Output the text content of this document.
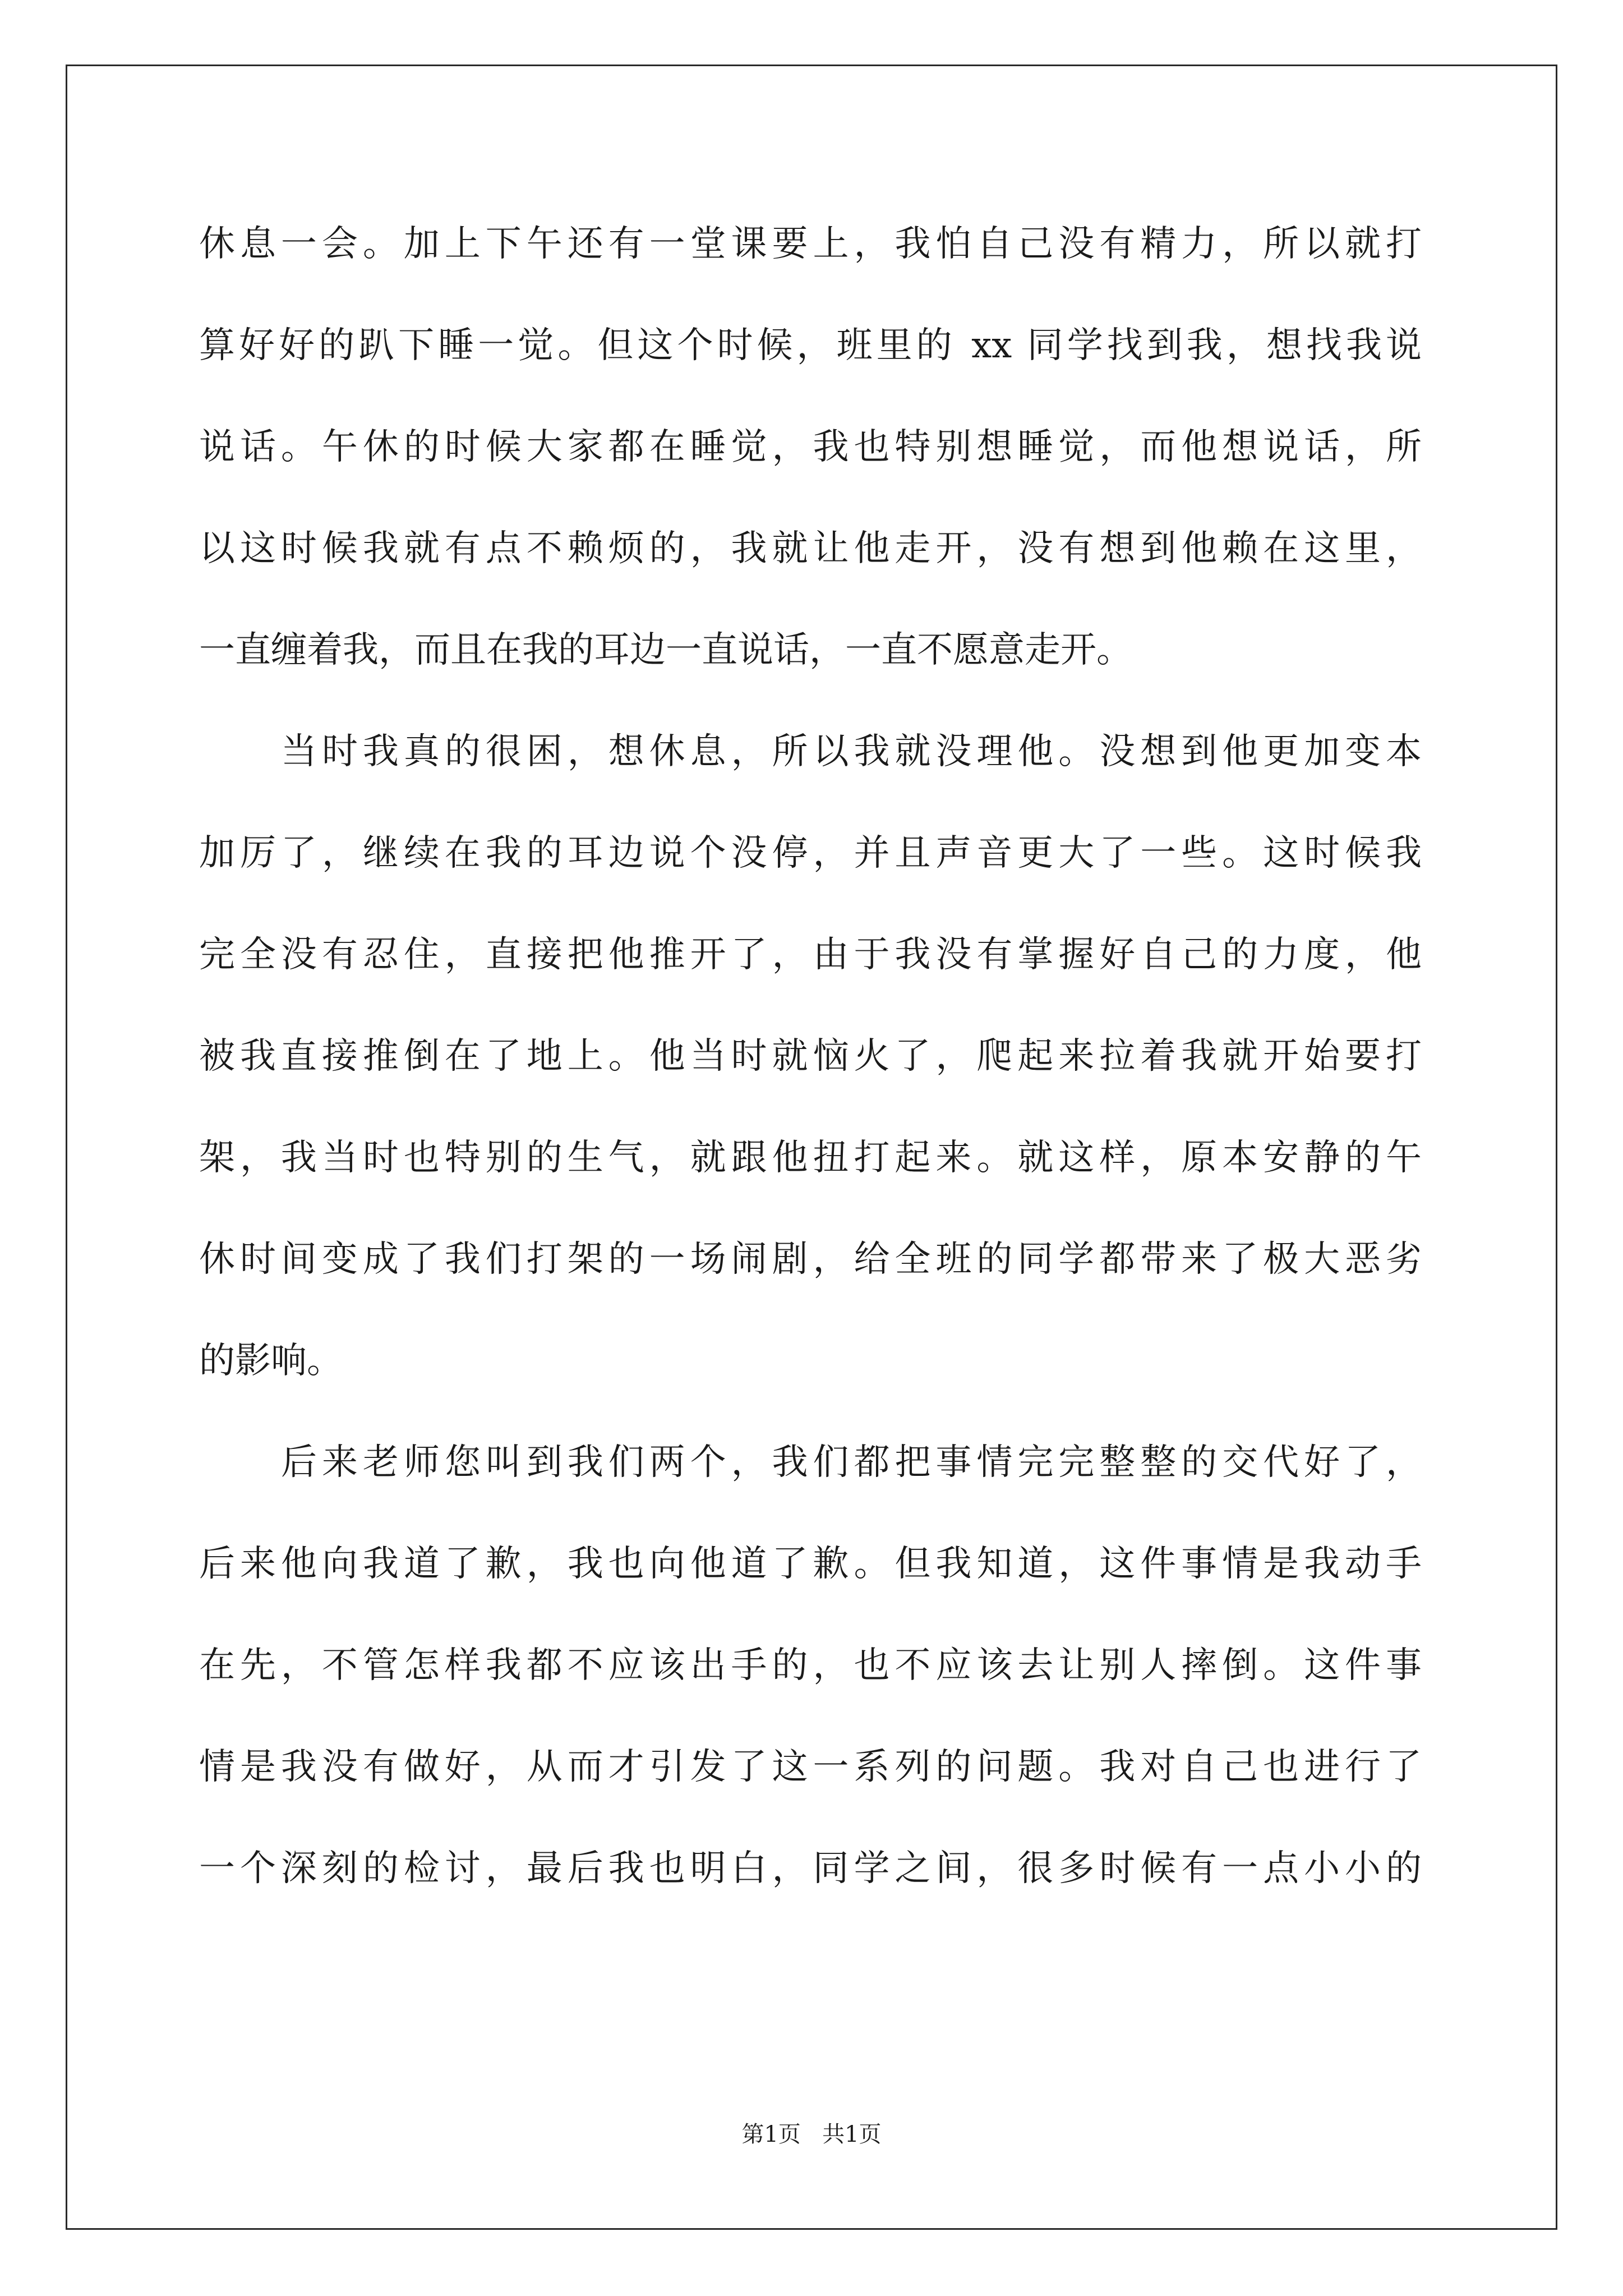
休息一会。加上下午还有一堂课要上，我怕自己没有精力，所以就打
算好好的趴下睡一觉。但这个时候，班里的 xx 同学找到我，想找我说
说话。午休的时候大家都在睡觉，我也特别想睡觉，而他想说话，所
以这时候我就有点不赖烦的，我就让他走开，没有想到他赖在这里，
一直缠着我，而且在我的耳边一直说话，一直不愿意走开。
当时我真的很困，想休息，所以我就没理他。没想到他更加变本
加厉了，继续在我的耳边说个没停，并且声音更大了一些。这时候我
完全没有忍住，直接把他推开了，由于我没有掌握好自己的力度，他
被我直接推倒在了地上。他当时就恼火了，爬起来拉着我就开始要打
架，我当时也特别的生气，就跟他扭打起来。就这样，原本安静的午
休时间变成了我们打架的一场闹剧，给全班的同学都带来了极大恶劣
的影响。
后来老师您叫到我们两个，我们都把事情完完整整的交代好了，
后来他向我道了歉，我也向他道了歉。但我知道，这件事情是我动手
在先，不管怎样我都不应该出手的，也不应该去让别人摔倒。这件事
情是我没有做好，从而才引发了这一系列的问题。我对自己也进行了
一个深刻的检讨，最后我也明白，同学之间，很多时候有一点小小的
第1页 共1页
